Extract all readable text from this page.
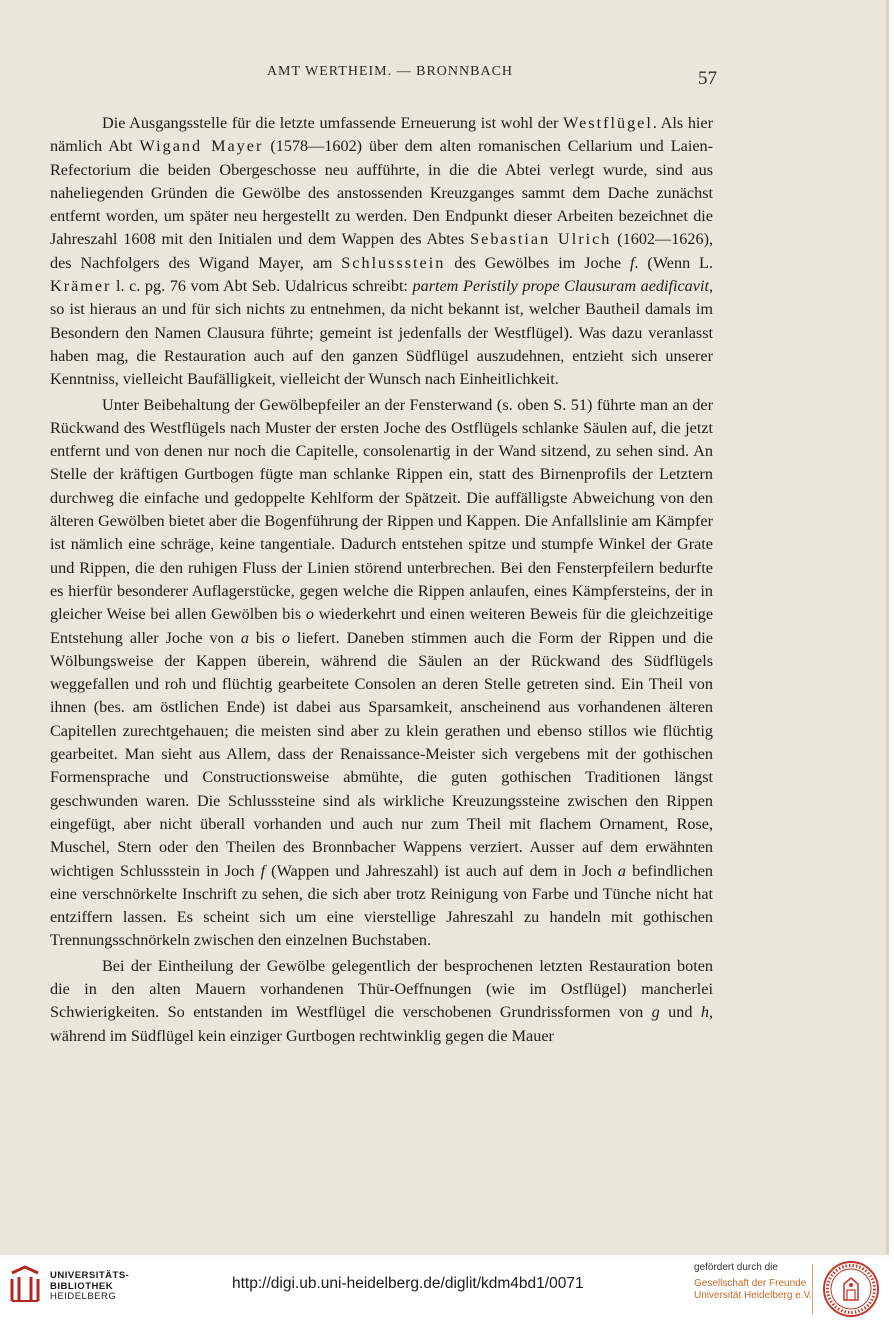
AMT WERTHEIM. — BRONNBACH	57

Die Ausgangsstelle für die letzte umfassende Erneuerung ist wohl der Westflügel. Als hier nämlich Abt Wigand Mayer (1578—1602) über dem alten romanischen Cellarium und Laien-Refectorium die beiden Obergeschosse neu aufführte, in die die Abtei verlegt wurde, sind aus naheliegenden Gründen die Gewölbe des anstossenden Kreuzganges sammt dem Dache zunächst entfernt worden, um später neu hergestellt zu werden. Den Endpunkt dieser Arbeiten bezeichnet die Jahreszahl 1608 mit den Initialen und dem Wappen des Abtes Sebastian Ulrich (1602—1626), des Nachfolgers des Wigand Mayer, am Schlussstein des Gewölbes im Joche f. (Wenn L. Krämer l. c. pg. 76 vom Abt Seb. Udalricus schreibt: partem Peristily prope Clausuram aedificavit, so ist hieraus an und für sich nichts zu entnehmen, da nicht bekannt ist, welcher Bautheil damals im Besondern den Namen Clausura führte; gemeint ist jedenfalls der Westflügel). Was dazu veranlasst haben mag, die Restauration auch auf den ganzen Südflügel auszudehnen, entzieht sich unserer Kenntniss, vielleicht Baufälligkeit, vielleicht der Wunsch nach Einheitlichkeit.

Unter Beibehaltung der Gewölbepfeiler an der Fensterwand (s. oben S. 51) führte man an der Rückwand des Westflügels nach Muster der ersten Joche des Ostflügels schlanke Säulen auf, die jetzt entfernt und von denen nur noch die Capitelle, consolenartig in der Wand sitzend, zu sehen sind. An Stelle der kräftigen Gurtbogen fügte man schlanke Rippen ein, statt des Birnenprofils der Letztern durchweg die einfache und gedoppelte Kehlform der Spätzeit. Die auffälligste Abweichung von den älteren Gewölben bietet aber die Bogenführung der Rippen und Kappen. Die Anfallslinie am Kämpfer ist nämlich eine schräge, keine tangentiale. Dadurch entstehen spitze und stumpfe Winkel der Grate und Rippen, die den ruhigen Fluss der Linien störend unterbrechen. Bei den Fensterpfeilern bedurfte es hierfür besonderer Auflagerstücke, gegen welche die Rippen anlaufen, eines Kämpfersteins, der in gleicher Weise bei allen Gewölben bis o wiederkehrt und einen weiteren Beweis für die gleichzeitige Entstehung aller Joche von a bis o liefert. Daneben stimmen auch die Form der Rippen und die Wölbungsweise der Kappen überein, während die Säulen an der Rückwand des Südflügels weggefallen und roh und flüchtig gearbeitete Consolen an deren Stelle getreten sind. Ein Theil von ihnen (bes. am östlichen Ende) ist dabei aus Sparsamkeit, anscheinend aus vorhandenen älteren Capitellen zurechtgehauen; die meisten sind aber zu klein gerathen und ebenso stillos wie flüchtig gearbeitet. Man sieht aus Allem, dass der Renaissance-Meister sich vergebens mit der gothischen Formensprache und Constructionsweise abmühte, die guten gothischen Traditionen längst geschwunden waren. Die Schlusssteine sind als wirkliche Kreuzungssteine zwischen den Rippen eingefügt, aber nicht überall vorhanden und auch nur zum Theil mit flachem Ornament, Rose, Muschel, Stern oder den Theilen des Bronnbacher Wappens verziert. Ausser auf dem erwähnten wichtigen Schlussstein in Joch f (Wappen und Jahreszahl) ist auch auf dem in Joch a befindlichen eine verschnörkelte Inschrift zu sehen, die sich aber trotz Reinigung von Farbe und Tünche nicht hat entziffern lassen. Es scheint sich um eine vierstellige Jahreszahl zu handeln mit gothischen Trennungsschnörkeln zwischen den einzelnen Buchstaben.

Bei der Eintheilung der Gewölbe gelegentlich der besprochenen letzten Restauration boten die in den alten Mauern vorhandenen Thür-Oeffnungen (wie im Ostflügel) mancherlei Schwierigkeiten. So entstanden im Westflügel die verschobenen Grundrissformen von g und h, während im Südflügel kein einziger Gurtbogen rechtwinklig gegen die Mauer

UNIVERSITÄTS-
BIBLIOTHEK
HEIDELBERG
http://digi.ub.uni-heidelberg.de/diglit/kdm4bd1/0071
gefördert durch die
Gesellschaft der Freunde
Universität Heidelberg e.V.
